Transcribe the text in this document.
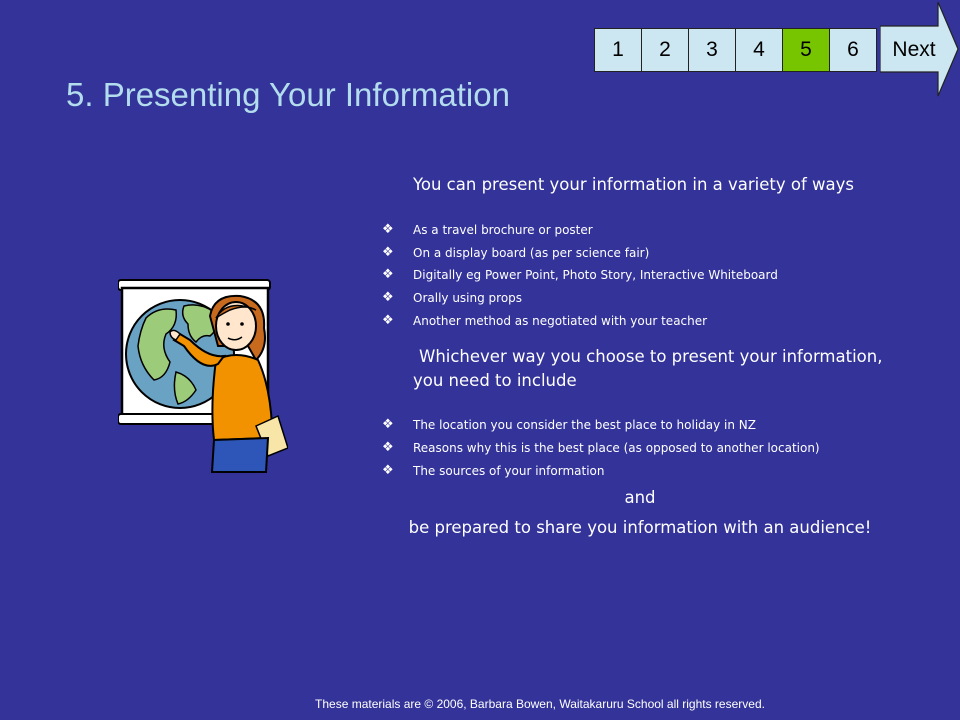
1	2	3	4	5	6	Next
5. Presenting Your Information

You can present your information in a variety of ways

❖ As a travel brochure or poster
❖ On a display board (as per science fair)
❖ Digitally eg Power Point, Photo Story, Interactive Whiteboard
❖ Orally using props
❖ Another method as negotiated with your teacher

Whichever way you choose to present your information, you need to include

❖ The location you consider the best place to holiday in NZ
❖ Reasons why this is the best place (as opposed to another location)
❖ The sources of your information
and

be prepared to share you information with an audience!

These materials are © 2006, Barbara Bowen, Waitakaruru School all rights reserved.
